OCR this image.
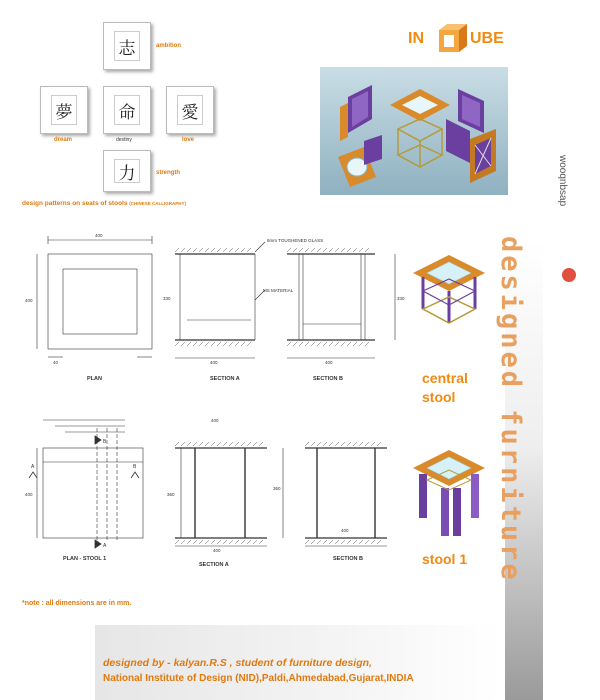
IN	UBE
志	ambition
夢
dream
命
destiny
愛
love
力	strength
design patterns on seats of stools (CHINESE CALLIGRAPHY)
400
400
40
330
400	400
330
6mm TOUGHENED GLASS
MS MATERIAL
PLAN	SECTION A	SECTION B	central
stool
A	B
B
A
400
400
360
400
360
400
PLAN - STOOL 1
SECTION A
SECTION B	stool 1
*note : all dimensions are in mm.
designed by - kalyan.R.S , student of furniture design,
National Institute of Design (NID),Paldi,Ahmedabad,Gujarat,INDIA
designed furniture
wooqnbsap
